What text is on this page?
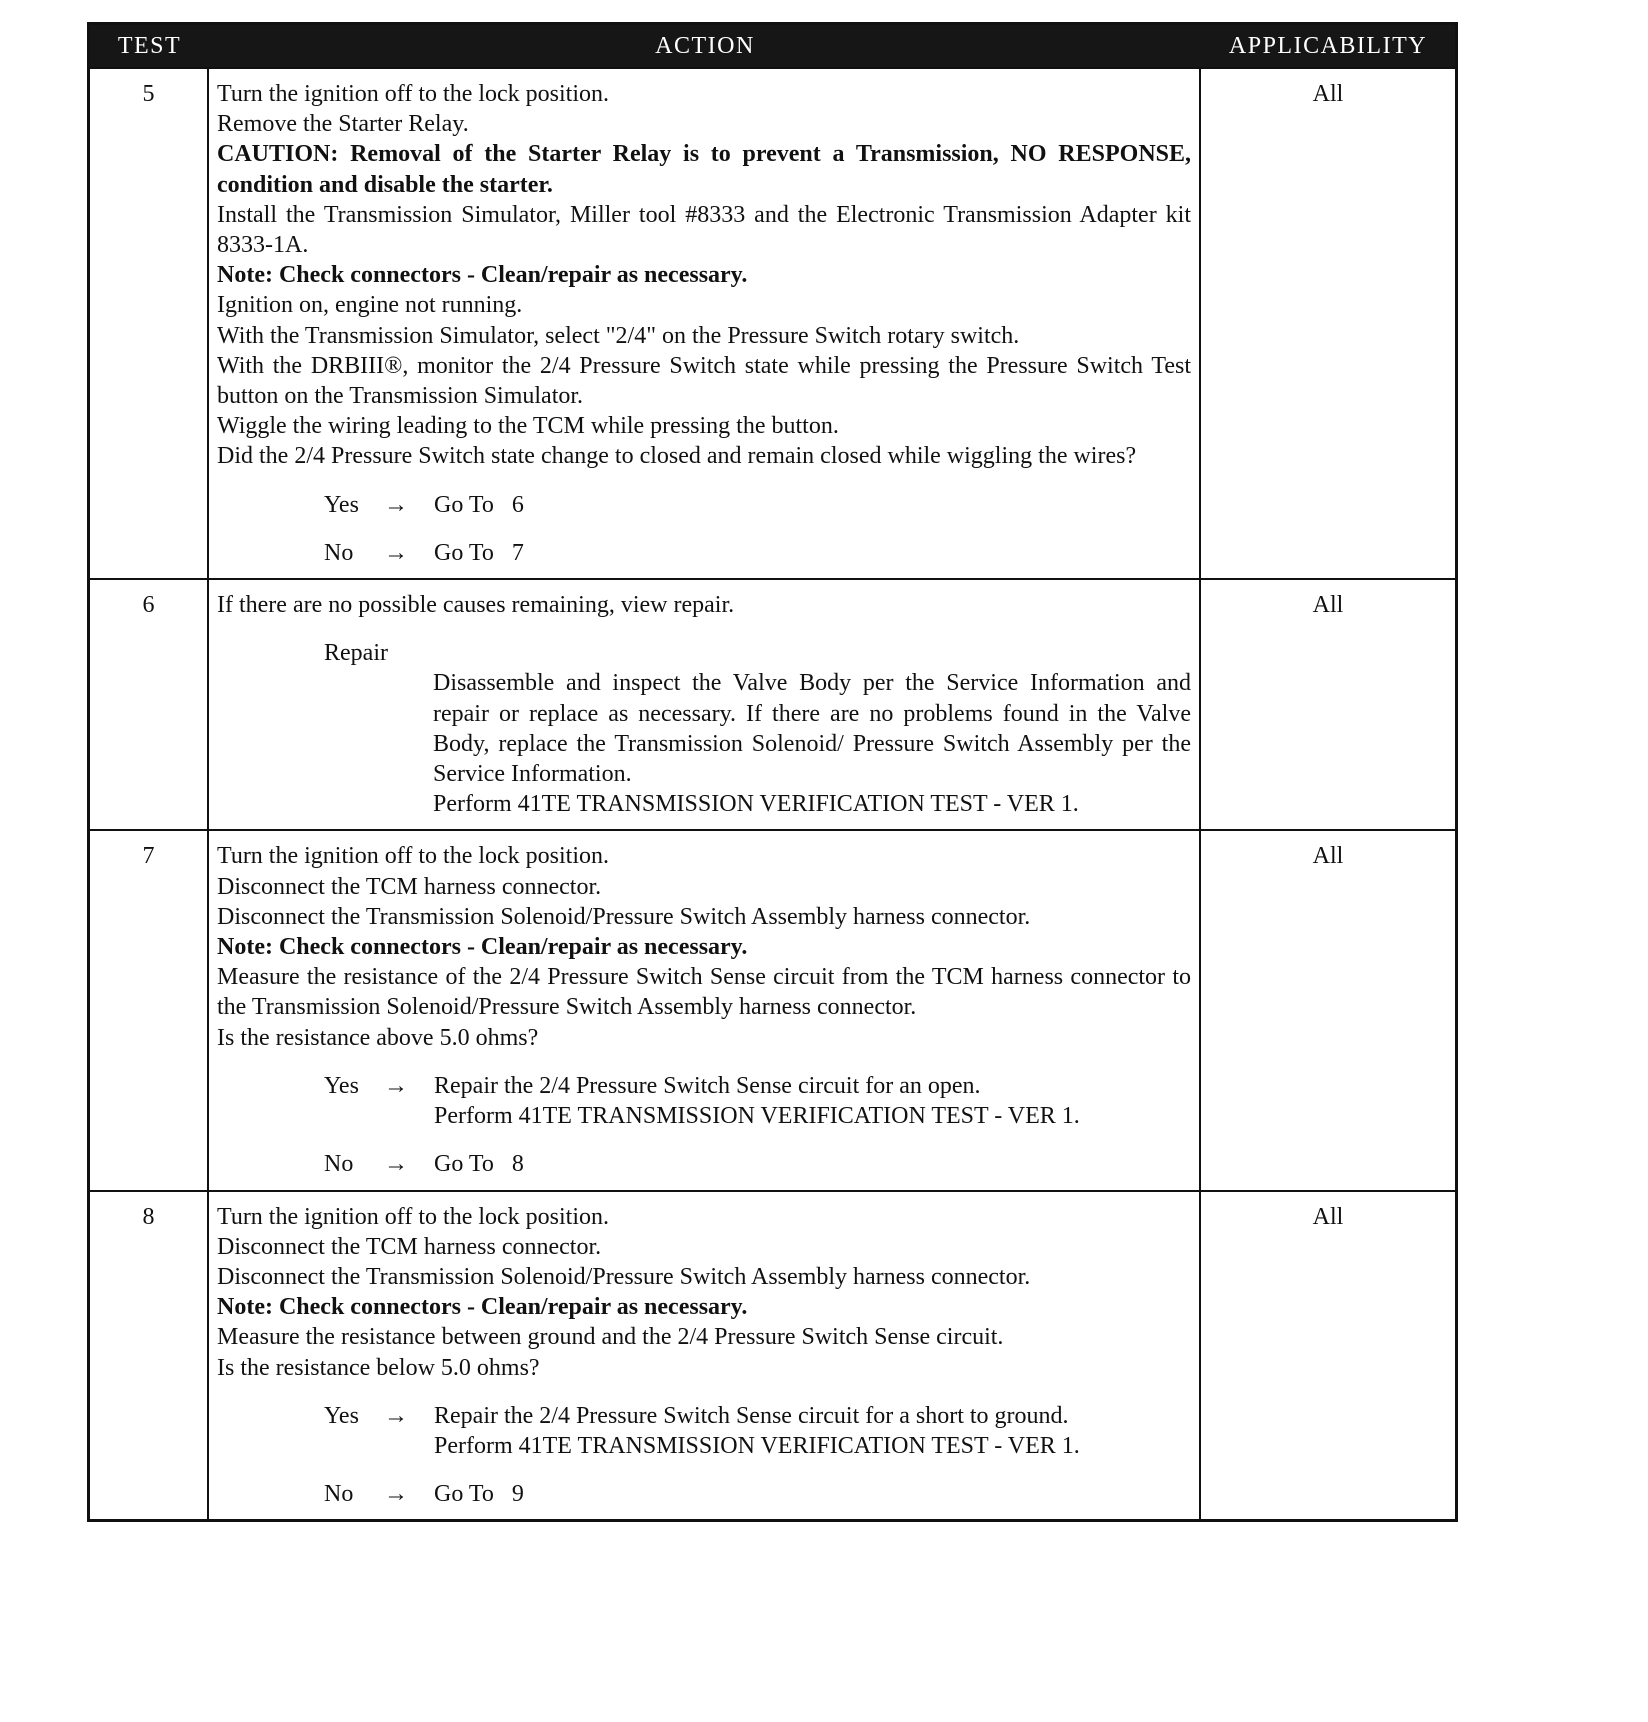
TEST	ACTION	APPLICABILITY
5	Turn the ignition off to the lock position.
Remove the Starter Relay.
CAUTION: Removal of the Starter Relay is to prevent a Transmission, NO RESPONSE, condition and disable the starter.
Install the Transmission Simulator, Miller tool #8333 and the Electronic Transmission Adapter kit 8333-1A.
Note: Check connectors - Clean/repair as necessary.
Ignition on, engine not running.
With the Transmission Simulator, select "2/4" on the Pressure Switch rotary switch.
With the DRBIII®, monitor the 2/4 Pressure Switch state while pressing the Pressure Switch Test button on the Transmission Simulator.
Wiggle the wiring leading to the TCM while pressing the button.
Did the 2/4 Pressure Switch state change to closed and remain closed while wiggling the wires?
Yes	→	Go To   6
No	→	Go To   7
All
6	If there are no possible causes remaining, view repair.
Repair
Disassemble and inspect the Valve Body per the Service Information and repair or replace as necessary. If there are no problems found in the Valve Body, replace the Transmission Solenoid/ Pressure Switch Assembly per the Service Information.
Perform 41TE TRANSMISSION VERIFICATION TEST - VER 1.
All
7	Turn the ignition off to the lock position.
Disconnect the TCM harness connector.
Disconnect the Transmission Solenoid/Pressure Switch Assembly harness connector.
Note: Check connectors - Clean/repair as necessary.
Measure the resistance of the 2/4 Pressure Switch Sense circuit from the TCM harness connector to the Transmission Solenoid/Pressure Switch Assembly harness connector.
Is the resistance above 5.0 ohms?
Yes	→	Repair the 2/4 Pressure Switch Sense circuit for an open.
Perform 41TE TRANSMISSION VERIFICATION TEST - VER 1.
No	→	Go To   8
All
8	Turn the ignition off to the lock position.
Disconnect the TCM harness connector.
Disconnect the Transmission Solenoid/Pressure Switch Assembly harness connector.
Note: Check connectors - Clean/repair as necessary.
Measure the resistance between ground and the 2/4 Pressure Switch Sense circuit.
Is the resistance below 5.0 ohms?
Yes	→	Repair the 2/4 Pressure Switch Sense circuit for a short to ground.
Perform 41TE TRANSMISSION VERIFICATION TEST - VER 1.
No	→	Go To   9
All
